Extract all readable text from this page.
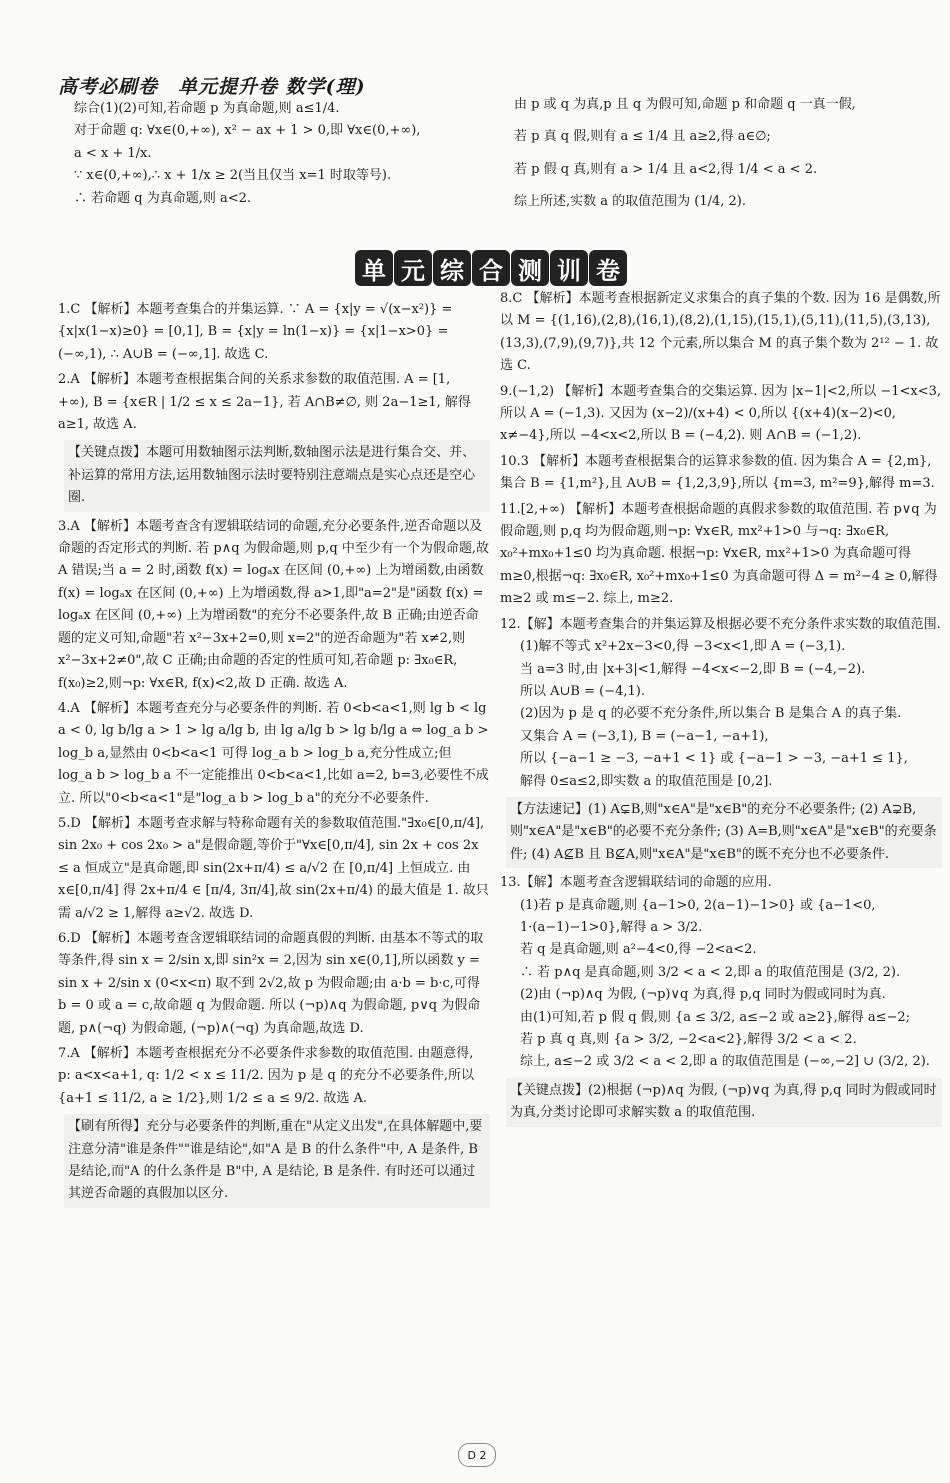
高考必刷卷　单元提升卷 数学(理)

综合(1)(2)可知,若命题 p 为真命题,则 a≤1/4.

对于命题 q: ∀x∈(0,+∞), x² − ax + 1 > 0,即 ∀x∈(0,+∞),

a < x + 1/x.

∵ x∈(0,+∞),∴ x + 1/x ≥ 2(当且仅当 x=1 时取等号).

∴ 若命题 q 为真命题,则 a<2.

由 p 或 q 为真,p 且 q 为假可知,命题 p 和命题 q 一真一假,

若 p 真 q 假,则有 a ≤ 1/4 且 a≥2,得 a∈∅;

若 p 假 q 真,则有 a > 1/4 且 a<2,得 1/4 < a < 2.

综上所述,实数 a 的取值范围为 (1/4, 2).

单 元 综 合 测 训 卷

1.C 【解析】本题考查集合的并集运算. ∵ A = {x|y = √(x−x²)} =

{x|x(1−x)≥0} = [0,1], B = {x|y = ln(1−x)} = {x|1−x>0} =

(−∞,1), ∴ A∪B = (−∞,1]. 故选 C.

2.A 【解析】本题考查根据集合间的关系求参数的取值范围. A = [1,

+∞), B = {x∈R | 1/2 ≤ x ≤ 2a−1}, 若 A∩B≠∅, 则 2a−1≥1, 解得

a≥1, 故选 A.

【关键点拨】本题可用数轴图示法判断,数轴图示法是进行集合交、并、补运算的常用方法,运用数轴图示法时要特别注意端点是实心点还是空心圈.

3.A 【解析】本题考查含有逻辑联结词的命题,充分必要条件,逆否命题以及命题的否定形式的判断. 若 p∧q 为假命题,则 p,q 中至少有一个为假命题,故 A 错误;当 a = 2 时,函数 f(x) = logₐx 在区间 (0,+∞) 上为增函数,由函数 f(x) = logₐx 在区间 (0,+∞) 上为增函数,得 a>1,即"a=2"是"函数 f(x) = logₐx 在区间 (0,+∞) 上为增函数"的充分不必要条件,故 B 正确;由逆否命题的定义可知,命题"若 x²−3x+2=0,则 x=2"的逆否命题为"若 x≠2,则 x²−3x+2≠0",故 C 正确;由命题的否定的性质可知,若命题 p: ∃x₀∈R, f(x₀)≥2,则¬p: ∀x∈R, f(x)<2,故 D 正确. 故选 A.

4.A 【解析】本题考查充分与必要条件的判断. 若 0<b<a<1,则 lg b < lg a < 0, lg b/lg a > 1 > lg a/lg b, 由 lg a/lg b > lg b/lg a ⇔ log_a b > log_b a,显然由 0<b<a<1 可得 log_a b > log_b a,充分性成立;但 log_a b > log_b a 不一定能推出 0<b<a<1,比如 a=2, b=3,必要性不成立. 所以"0<b<a<1"是"log_a b > log_b a"的充分不必要条件.

5.D 【解析】本题考查求解与特称命题有关的参数取值范围."∃x₀∈[0,π/4], sin 2x₀ + cos 2x₀ > a"是假命题,等价于"∀x∈[0,π/4], sin 2x + cos 2x ≤ a 恒成立"是真命题,即 sin(2x+π/4) ≤ a/√2 在 [0,π/4] 上恒成立. 由 x∈[0,π/4] 得 2x+π/4 ∈ [π/4, 3π/4],故 sin(2x+π/4) 的最大值是 1. 故只需 a/√2 ≥ 1,解得 a≥√2. 故选 D.

6.D 【解析】本题考查含逻辑联结词的命题真假的判断. 由基本不等式的取等条件,得 sin x = 2/sin x,即 sin²x = 2,因为 sin x∈(0,1],所以函数 y = sin x + 2/sin x (0<x<π) 取不到 2√2,故 p 为假命题;由 a·b = b·c,可得 b = 0 或 a = c,故命题 q 为假命题. 所以 (¬p)∧q 为假命题, p∨q 为假命题, p∧(¬q) 为假命题, (¬p)∧(¬q) 为真命题,故选 D.

7.A 【解析】本题考查根据充分不必要条件求参数的取值范围. 由题意得, p: a<x<a+1, q: 1/2 < x ≤ 11/2. 因为 p 是 q 的充分不必要条件,所以 {a+1 ≤ 11/2, a ≥ 1/2},则 1/2 ≤ a ≤ 9/2. 故选 A.

【刷有所得】充分与必要条件的判断,重在"从定义出发",在具体解题中,要注意分清"谁是条件""谁是结论",如"A 是 B 的什么条件"中, A 是条件, B 是结论,而"A 的什么条件是 B"中, A 是结论, B 是条件. 有时还可以通过其逆否命题的真假加以区分.

8.C 【解析】本题考查根据新定义求集合的真子集的个数. 因为 16 是偶数,所以 M = {(1,16),(2,8),(16,1),(8,2),(1,15),(15,1),(5,11),(11,5),(3,13),(13,3),(7,9),(9,7)},共 12 个元素,所以集合 M 的真子集个数为 2¹² − 1. 故选 C.

9.(−1,2) 【解析】本题考查集合的交集运算. 因为 |x−1|<2,所以 −1<x<3,所以 A = (−1,3). 又因为 (x−2)/(x+4) < 0,所以 {(x+4)(x−2)<0, x≠−4},所以 −4<x<2,所以 B = (−4,2). 则 A∩B = (−1,2).

10.3 【解析】本题考查根据集合的运算求参数的值. 因为集合 A = {2,m},集合 B = {1,m²},且 A∪B = {1,2,3,9},所以 {m=3, m²=9},解得 m=3.

11.[2,+∞) 【解析】本题考查根据命题的真假求参数的取值范围. 若 p∨q 为假命题,则 p,q 均为假命题,则¬p: ∀x∈R, mx²+1>0 与¬q: ∃x₀∈R, x₀²+mx₀+1≤0 均为真命题. 根据¬p: ∀x∈R, mx²+1>0 为真命题可得 m≥0,根据¬q: ∃x₀∈R, x₀²+mx₀+1≤0 为真命题可得 Δ = m²−4 ≥ 0,解得 m≥2 或 m≤−2. 综上, m≥2.

12.【解】本题考查集合的并集运算及根据必要不充分条件求实数的取值范围.

(1)解不等式 x²+2x−3<0,得 −3<x<1,即 A = (−3,1).

当 a=3 时,由 |x+3|<1,解得 −4<x<−2,即 B = (−4,−2).

所以 A∪B = (−4,1).

(2)因为 p 是 q 的必要不充分条件,所以集合 B 是集合 A 的真子集.

又集合 A = (−3,1), B = (−a−1, −a+1),

所以 {−a−1 ≥ −3, −a+1 < 1} 或 {−a−1 > −3, −a+1 ≤ 1},

解得 0≤a≤2,即实数 a 的取值范围是 [0,2].

【方法速记】(1) A⊊B,则"x∈A"是"x∈B"的充分不必要条件; (2) A⊋B,则"x∈A"是"x∈B"的必要不充分条件; (3) A=B,则"x∈A"是"x∈B"的充要条件; (4) A⊈B 且 B⊈A,则"x∈A"是"x∈B"的既不充分也不必要条件.

13.【解】本题考查含逻辑联结词的命题的应用.

(1)若 p 是真命题,则 {a−1>0, 2(a−1)−1>0} 或 {a−1<0, 1·(a−1)−1>0},解得 a > 3/2.

若 q 是真命题,则 a²−4<0,得 −2<a<2.

∴ 若 p∧q 是真命题,则 3/2 < a < 2,即 a 的取值范围是 (3/2, 2).

(2)由 (¬p)∧q 为假, (¬p)∨q 为真,得 p,q 同时为假或同时为真.

由(1)可知,若 p 假 q 假,则 {a ≤ 3/2, a≤−2 或 a≥2},解得 a≤−2;

若 p 真 q 真,则 {a > 3/2, −2<a<2},解得 3/2 < a < 2.

综上, a≤−2 或 3/2 < a < 2,即 a 的取值范围是 (−∞,−2] ∪ (3/2, 2).

【关键点拨】(2)根据 (¬p)∧q 为假, (¬p)∨q 为真,得 p,q 同时为假或同时为真,分类讨论即可求解实数 a 的取值范围.

D 2
